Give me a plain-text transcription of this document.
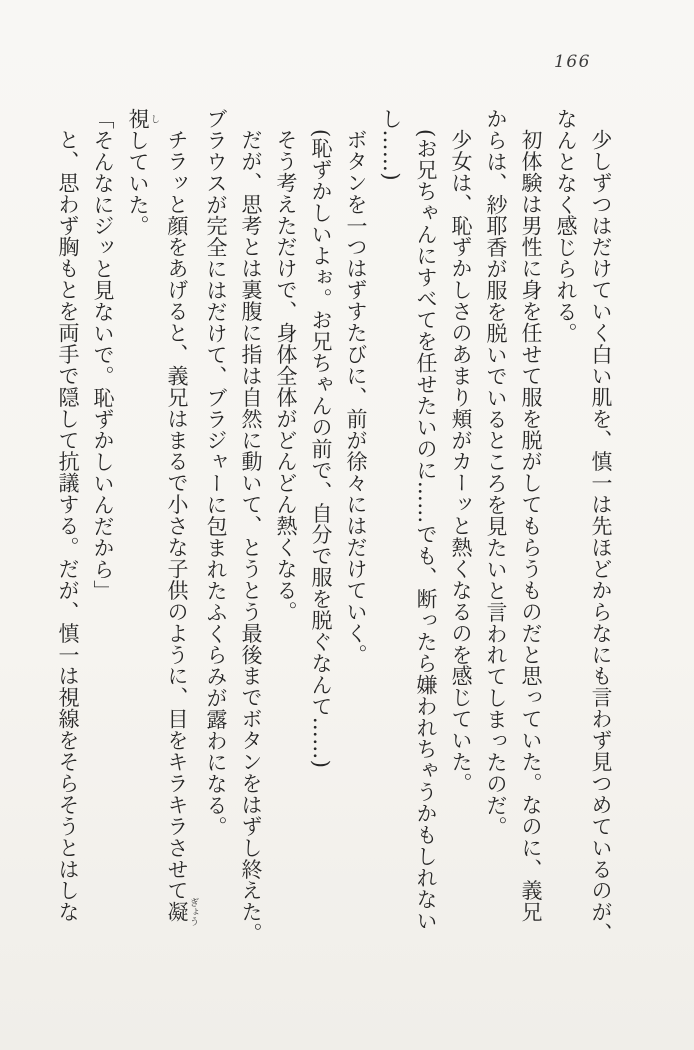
166
少しずつはだけていく白い肌を、慎一は先ほどからなにも言わず見つめているのが、
なんとなく感じられる。
初体験は男性に身を任せて服を脱がしてもらうものだと思っていた。なのに、義兄
からは、紗耶香が服を脱いでいるところを見たいと言われてしまったのだ。
少女は、恥ずかしさのあまり頬がカーッと熱くなるのを感じていた。
(お兄ちゃんにすべてを任せたいのに……でも、断ったら嫌われちゃうかもしれない
し……)
ボタンを一つはずすたびに、前が徐々にはだけていく。
(恥ずかしいよぉ。お兄ちゃんの前で、自分で服を脱ぐなんて……)
そう考えただけで、身体全体がどんどん熱くなる。
だが、思考とは裏腹に指は自然に動いて、とうとう最後までボタンをはずし終えた。
ブラウスが完全にはだけて、ブラジャーに包まれたふくらみが露わになる。
チラッと顔をあげると、義兄はまるで小さな子供のように、目をキラキラさせて凝ぎょう
視ししていた。
「そんなにジッと見ないで。恥ずかしいんだから」
と、思わず胸もとを両手で隠して抗議する。だが、慎一は視線をそらそうとはしな
